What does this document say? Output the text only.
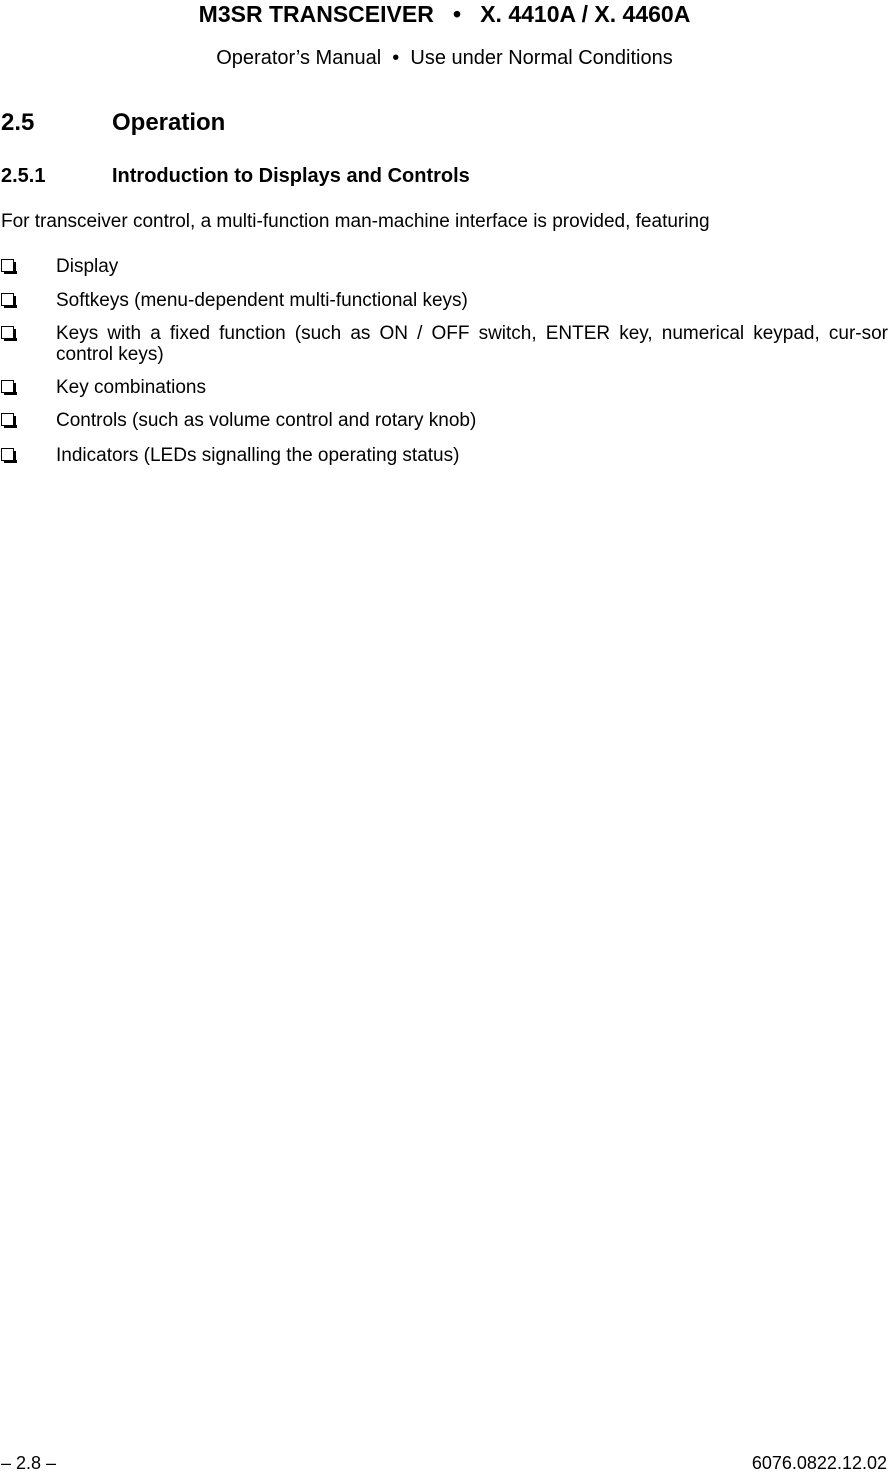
M3SR TRANSCEIVER   •   X. 4410A / X. 4460A
Operator’s Manual  •  Use under Normal Conditions
2.5	Operation
2.5.1	Introduction to Displays and Controls
For transceiver control, a multi-function man-machine interface is provided, featuring
Display
Softkeys (menu-dependent multi-functional keys)
Keys with a fixed function (such as ON / OFF switch, ENTER key, numerical keypad, cur-sor control keys)
Key combinations
Controls (such as volume control and rotary knob)
Indicators (LEDs signalling the operating status)
– 2.8 –	6076.0822.12.02
